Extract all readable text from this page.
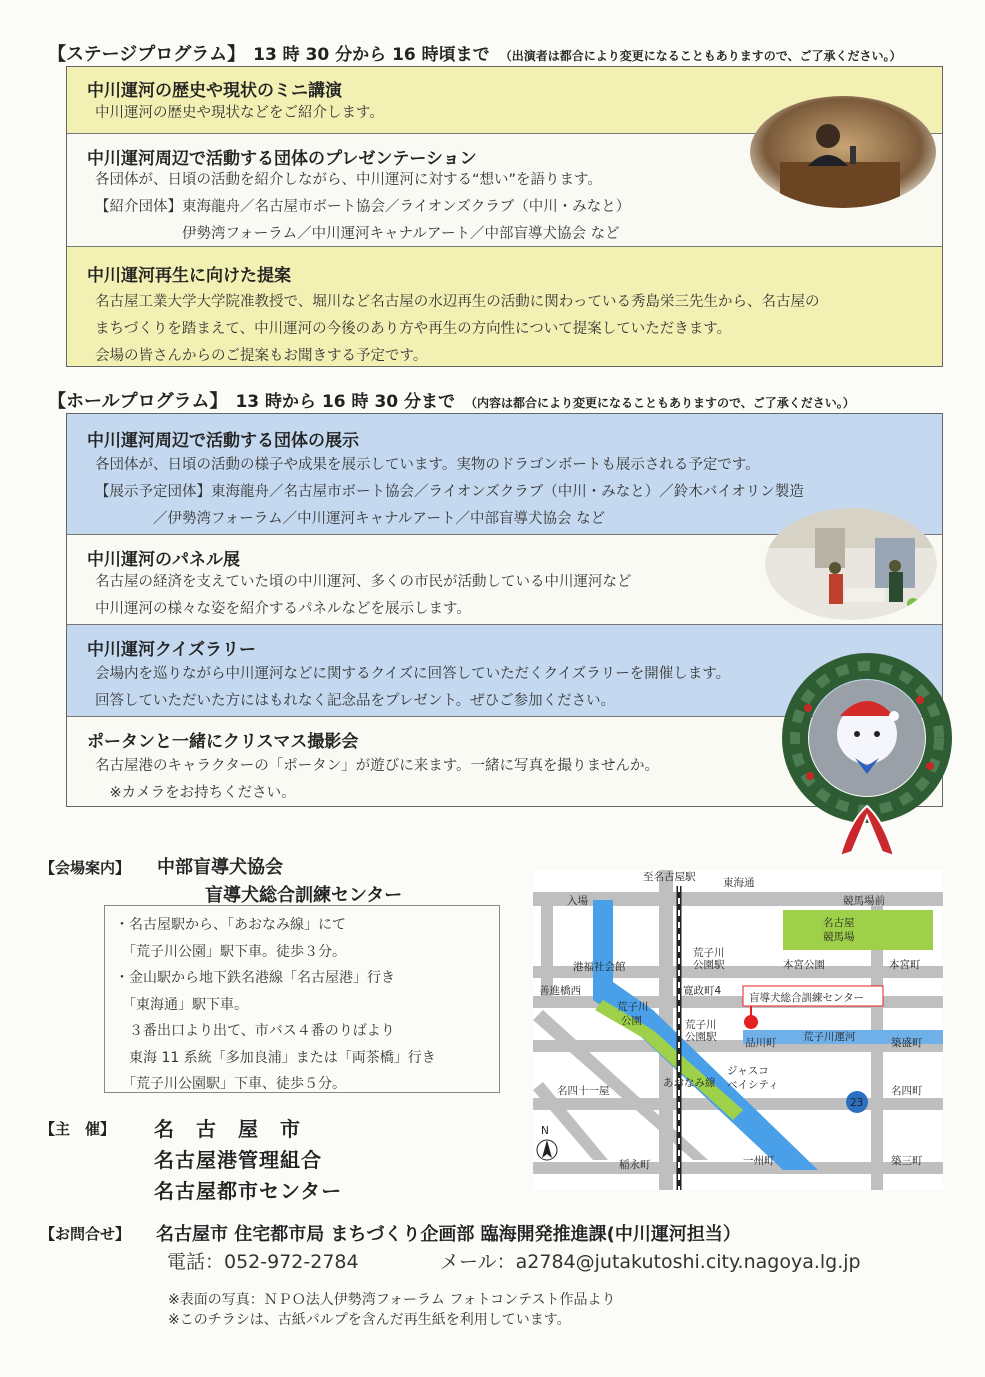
【ステージプログラム】 13 時 30 分から 16 時頃まで （出演者は都合により変更になることもありますので、ご了承ください。）
中川運河の歴史や現状のミニ講演
中川運河の歴史や現状などをご紹介します。
中川運河周辺で活動する団体のプレゼンテーション
各団体が、日頃の活動を紹介しながら、中川運河に対する“想い”を語ります。
【紹介団体】東海龍舟／名古屋市ボート協会／ライオンズクラブ（中川・みなと）
　　　　　　伊勢湾フォーラム／中川運河キャナルアート／中部盲導犬協会 など
中川運河再生に向けた提案
名古屋工業大学大学院准教授で、堀川など名古屋の水辺再生の活動に関わっている秀島栄三先生から、名古屋の
まちづくりを踏まえて、中川運河の今後のあり方や再生の方向性について提案していただきます。
会場の皆さんからのご提案もお聞きする予定です。
【ホールプログラム】 13 時から 16 時 30 分まで （内容は都合により変更になることもありますので、ご了承ください。）
中川運河周辺で活動する団体の展示
各団体が、日頃の活動の様子や成果を展示しています。実物のドラゴンボートも展示される予定です。
【展示予定団体】東海龍舟／名古屋市ボート協会／ライオンズクラブ（中川・みなと）／鈴木バイオリン製造
　　　　／伊勢湾フォーラム／中川運河キャナルアート／中部盲導犬協会 など
中川運河のパネル展
名古屋の経済を支えていた頃の中川運河、多くの市民が活動している中川運河など
中川運河の様々な姿を紹介するパネルなどを展示します。
中川運河クイズラリー
会場内を巡りながら中川運河などに関するクイズに回答していただくクイズラリーを開催します。
回答していただいた方にはもれなく記念品をプレゼント。ぜひご参加ください。
ポータンと一緒にクリスマス撮影会
名古屋港のキャラクターの「ポータン」が遊びに来ます。一緒に写真を撮りませんか。
　※カメラをお持ちください。
【会場案内】 中部盲導犬協会
盲導犬総合訓練センター
・名古屋駅から、「あおなみ線」にて
　「荒子川公園」駅下車。徒歩３分。
・金山駅から地下鉄名港線「名古屋港」行き
　「東海通」駅下車。
　３番出口より出て、市バス４番のりばより
　東海 11 系統「多加良浦」または「両茶橋」行き
　「荒子川公園駅」下車、徒歩５分。
【主　催】 名　古　屋　市
名古屋港管理組合
名古屋都市センター
【お問合せ】 名古屋市 住宅都市局 まちづくり企画部 臨海開発推進課(中川運河担当）
電話：052-972-2784	メール：a2784@jutakutoshi.city.nagoya.lg.jp
※表面の写真：ＮＰＯ法人伊勢湾フォーラム フォトコンテスト作品より
※このチラシは、古紙パルプを含んだ再生紙を利用しています。
至名古屋駅	東海通
競馬場前
入場
名古屋
競馬場
港福社会館
荒子川
公園駅	本宮公園	本宮町
善進橋西	寛政町4
盲導犬総合訓練センター
荒子川
公園	荒子川
公園駅	品川町	荒子川運河	築盛町
ジャスコ
ベイシティ
名四十一屋
あおなみ線
名四町
23
N
稲永町	一州町	築三町
